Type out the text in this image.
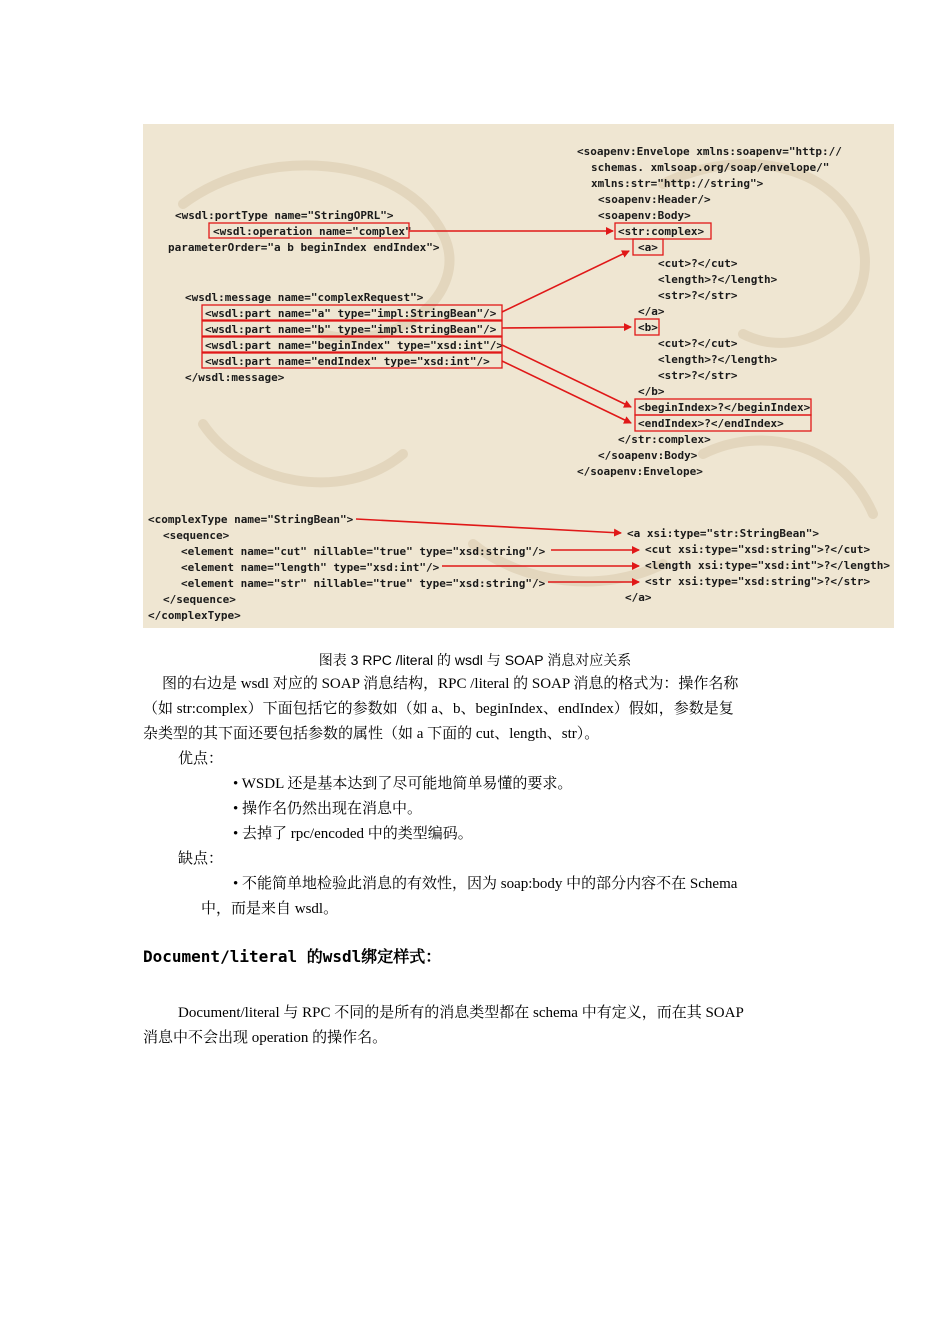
<soapenv:Envelope xmlns:soapenv="http://
schemas. xmlsoap.org/soap/envelope/"
xmlns:str="http://string">
<soapenv:Header/>
<soapenv:Body>
<str:complex>
<a>
<cut>?</cut>
<length>?</length>
<str>?</str>
</a>
<b>
<cut>?</cut>
<length>?</length>
<str>?</str>
</b>
<beginIndex>?</beginIndex>
<endIndex>?</endIndex>
</str:complex>
</soapenv:Body>
</soapenv:Envelope>
<wsdl:portType name="StringOPRL">
<wsdl:operation name="complex"
parameterOrder="a b beginIndex endIndex">
<wsdl:message name="complexRequest">
<wsdl:part name="a" type="impl:StringBean"/>
<wsdl:part name="b" type="impl:StringBean"/>
<wsdl:part name="beginIndex" type="xsd:int"/>
<wsdl:part name="endIndex" type="xsd:int"/>
</wsdl:message>
<complexType name="StringBean">
<sequence>
<element name="cut" nillable="true" type="xsd:string"/>
<element name="length" type="xsd:int"/>
<element name="str" nillable="true" type="xsd:string"/>
</sequence>
</complexType>
<a xsi:type="str:StringBean">
<cut xsi:type="xsd:string">?</cut>
<length xsi:type="xsd:int">?</length>
<str xsi:type="xsd:string">?</str>
</a>
图表 3 RPC /literal 的 wsdl 与 SOAP 消息对应关系
图的右边是 wsdl 对应的 SOAP 消息结构，RPC /literal 的 SOAP 消息的格式为：操作名称
（如 str:complex）下面包括它的参数如（如 a、b、beginIndex、endIndex）假如，参数是复
杂类型的其下面还要包括参数的属性（如 a 下面的 cut、length、str）。
优点：
• WSDL 还是基本达到了尽可能地简单易懂的要求。
• 操作名仍然出现在消息中。
• 去掉了 rpc/encoded 中的类型编码。
缺点：
• 不能简单地检验此消息的有效性，因为 soap:body 中的部分内容不在 Schema
中，而是来自 wsdl。
Document/literal 的wsdl绑定样式：
Document/literal 与 RPC 不同的是所有的消息类型都在 schema 中有定义，而在其 SOAP
消息中不会出现 operation 的操作名。
